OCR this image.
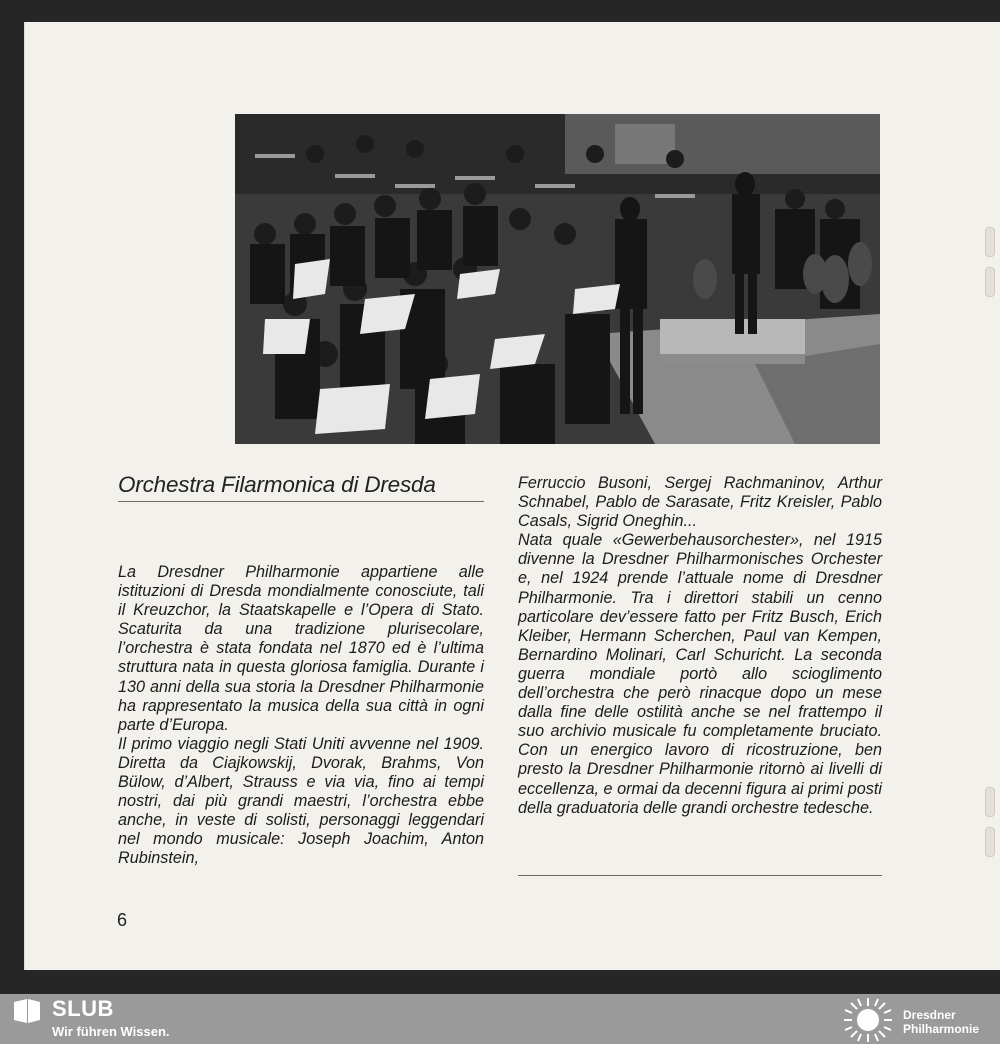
Orchestra Filarmonica di Dresda

La Dresdner Philharmonie appartiene alle istituzioni di Dresda mondialmente conosciute, tali il Kreuzchor, la Staatskapelle e l’Opera di Stato. Scaturita da una tradizione plurisecolare, l’orchestra è stata fondata nel 1870 ed è l’ultima struttura nata in questa gloriosa famiglia. Durante i 130 anni della sua storia la Dresdner Philharmonie ha rappresentato la musica della sua città in ogni parte d’Europa.

Il primo viaggio negli Stati Uniti avvenne nel 1909. Diretta da Ciajkowskij, Dvorak, Brahms, Von Bülow, d’Albert, Strauss e via via, fino ai tempi nostri, dai più grandi maestri, l’orchestra ebbe anche, in veste di solisti, personaggi leggendari nel mondo musicale: Joseph Joachim, Anton Rubinstein,

Ferruccio Busoni, Sergej Rachmaninov, Arthur Schnabel, Pablo de Sarasate, Fritz Kreisler, Pablo Casals, Sigrid Oneghin...

Nata quale «Gewerbehausorchester», nel 1915 divenne la Dresdner Philharmonisches Orchester e, nel 1924 prende l’attuale nome di Dresdner Philharmonie. Tra i direttori stabili un cenno particolare dev’essere fatto per Fritz Busch, Erich Kleiber, Hermann Scherchen, Paul van Kempen, Bernardino Molinari, Carl Schuricht. La seconda guerra mondiale portò allo scioglimento dell’orchestra che però rinacque dopo un mese dalla fine delle ostilità anche se nel frattempo il suo archivio musicale fu completamente bruciato. Con un energico lavoro di ricostruzione, ben presto la Dresdner Philharmonie ritornò ai livelli di eccellenza, e ormai da decenni figura ai primi posti della graduatoria delle grandi orchestre tedesche.

6
SLUB
Wir führen Wissen.
Dresdner
Philharmonie
